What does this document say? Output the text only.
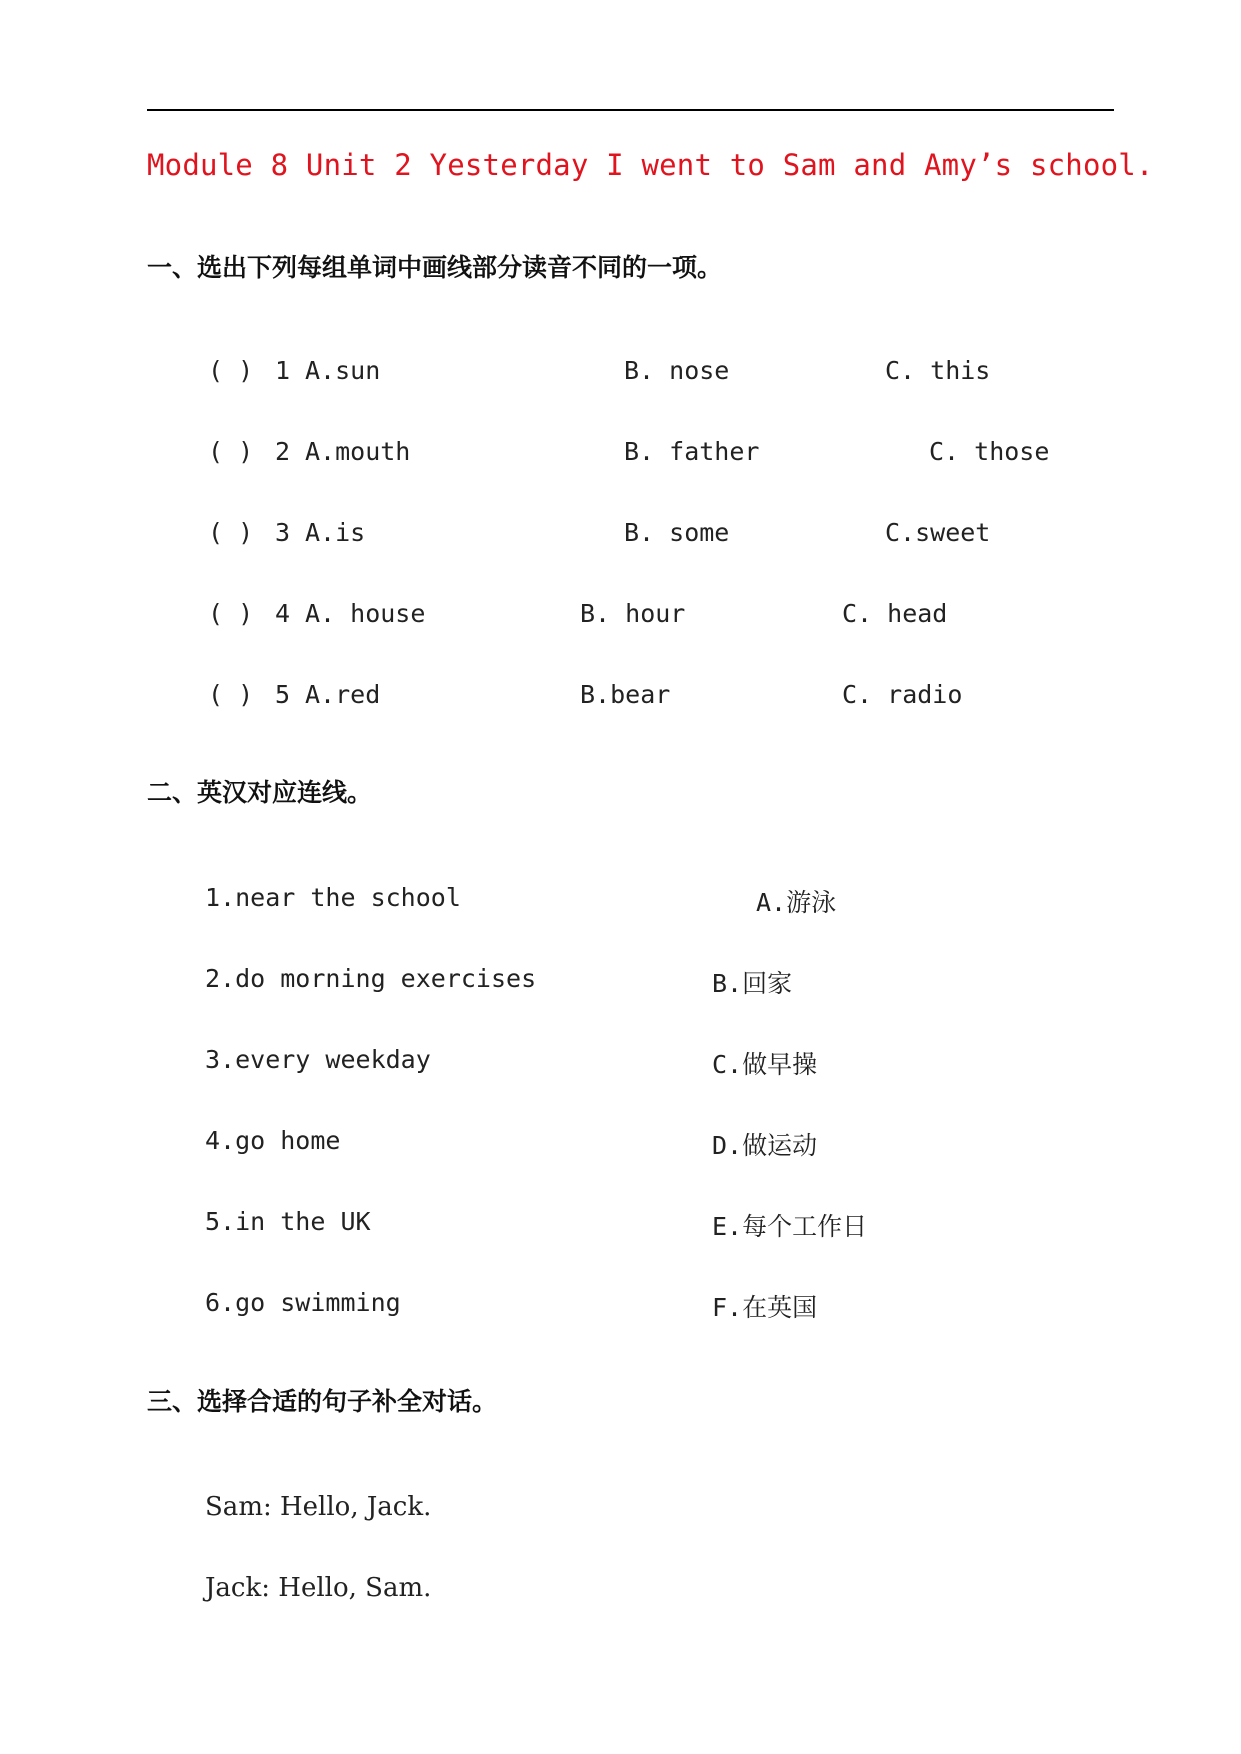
Module 8 Unit 2 Yesterday I went to Sam and Amy’s school.
一、选出下列每组单词中画线部分读音不同的一项。
( ) 1 A.sun	B. nose	C. this
( ) 2 A.mouth	B. father	C. those
( ) 3 A.is	B. some	C.sweet
( ) 4 A. house	B. hour	C. head
( ) 5 A.red	B.bear	C. radio
二、英汉对应连线。
1.near the school	A.游泳
2.do morning exercises	B.回家
3.every weekday	C.做早操
4.go home	D.做运动
5.in the UK	E.每个工作日
6.go swimming	F.在英国
三、选择合适的句子补全对话。
Sam: Hello, Jack.
Jack: Hello, Sam.
